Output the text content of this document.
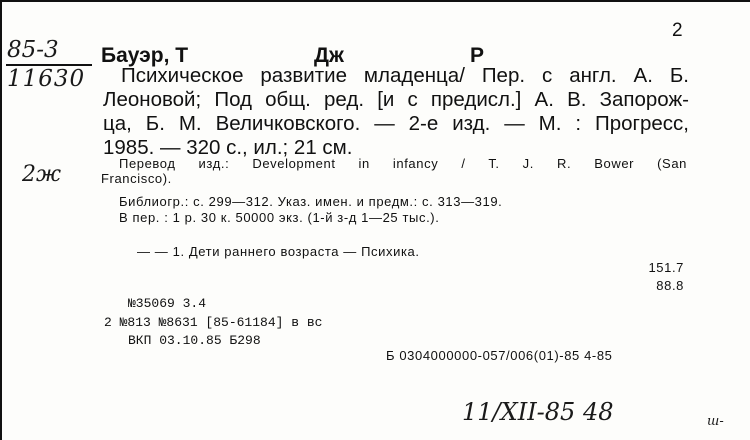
2
85-3
11630
2ж
Бауэр, Т	Дж	Р

Психическое развитие младенца/ Пер. с англ. А. Б.

Леоновой; Под общ. ред. [и с предисл.] А. В. Запорож-

ца, Б. М. Величковского. — 2-е изд. — М. : Прогресс,

1985. — 320 с., ил.; 21 см.

Перевод изд.: Development in infancy / T. J. R. Bower (San
Francisco).
Библиогр.: с. 299—312. Указ. имен. и предм.: с. 313—319.
В пер. : 1 р. 30 к. 50000 экз. (1-й з-д 1—25 тыс.).
— — 1. Дети раннего возраста — Психика.
151.7
88.8
№35069 3.4
2 №813 №8631 [85-61184] в вс
ВКП 03.10.85 Б298
Б 0304000000-057/006(01)-85 4-85
11/XII-85 48	ш-
